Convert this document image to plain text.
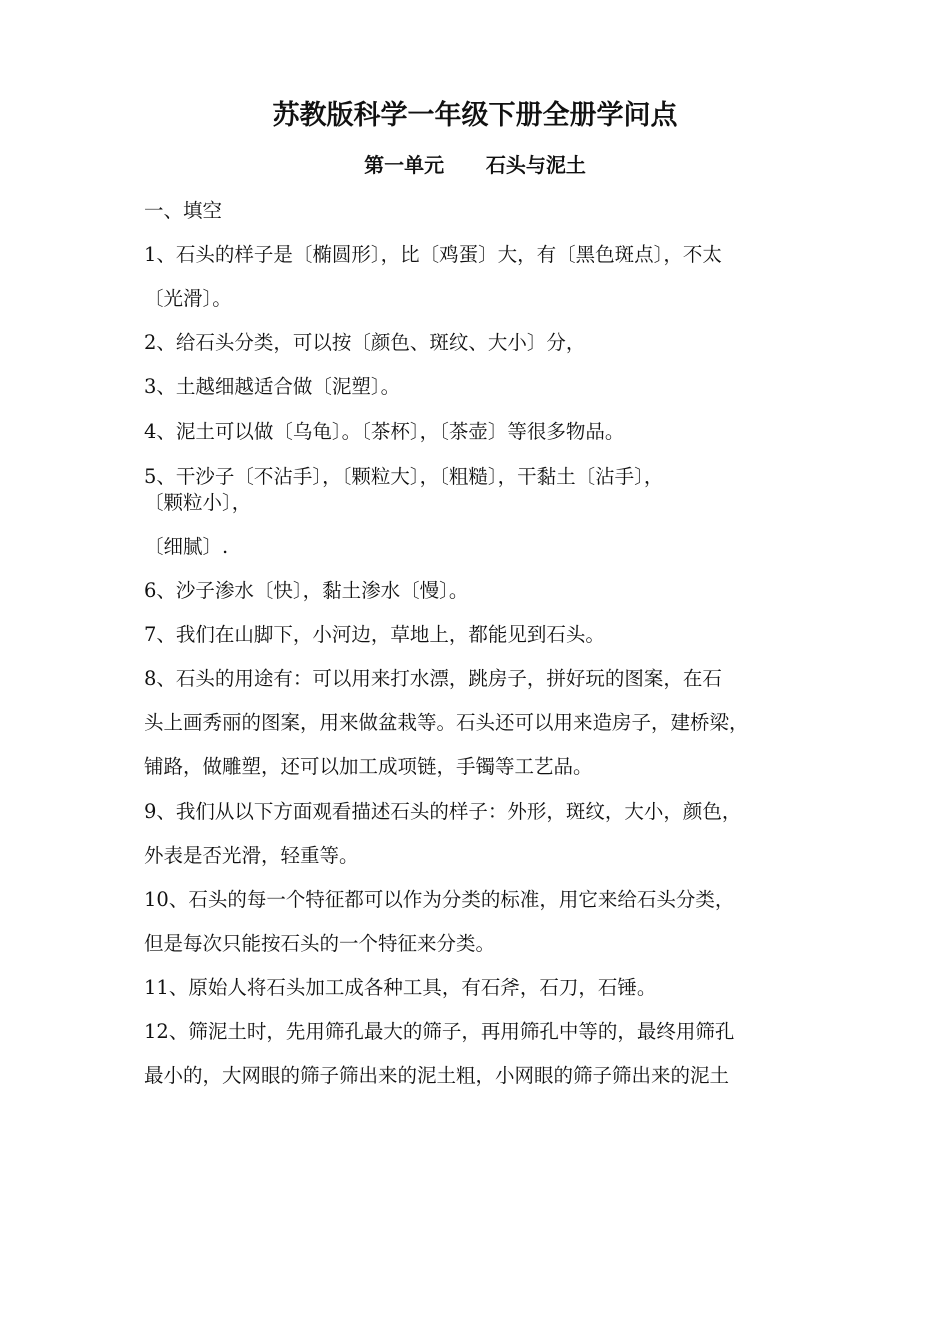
苏教版科学一年级下册全册学问点
第一单元      石头与泥土
一、填空
1、石头的样子是〔椭圆形〕，比〔鸡蛋〕大，有〔黑色斑点〕，不太
〔光滑〕。
2、给石头分类，可以按〔颜色、斑纹、大小〕分，
3、土越细越适合做〔泥塑〕。
4、泥土可以做〔乌龟〕。〔茶杯〕，〔茶壶〕等很多物品。
5、干沙子〔不沾手〕，〔颗粒大〕，〔粗糙〕，干黏土〔沾手〕，
〔颗粒小〕，
〔细腻〕.
6、沙子渗水〔快〕，黏土渗水〔慢〕。
7、我们在山脚下，小河边，草地上，都能见到石头。
8、石头的用途有：可以用来打水漂，跳房子，拼好玩的图案，在石
头上画秀丽的图案，用来做盆栽等。石头还可以用来造房子，建桥梁，
铺路，做雕塑，还可以加工成项链，手镯等工艺品。
9、我们从以下方面观看描述石头的样子：外形，斑纹，大小，颜色，
外表是否光滑，轻重等。
10、石头的每一个特征都可以作为分类的标准，用它来给石头分类，
但是每次只能按石头的一个特征来分类。
11、原始人将石头加工成各种工具，有石斧，石刀，石锤。
12、筛泥土时，先用筛孔最大的筛子，再用筛孔中等的，最终用筛孔
最小的，大网眼的筛子筛出来的泥土粗，小网眼的筛子筛出来的泥土
